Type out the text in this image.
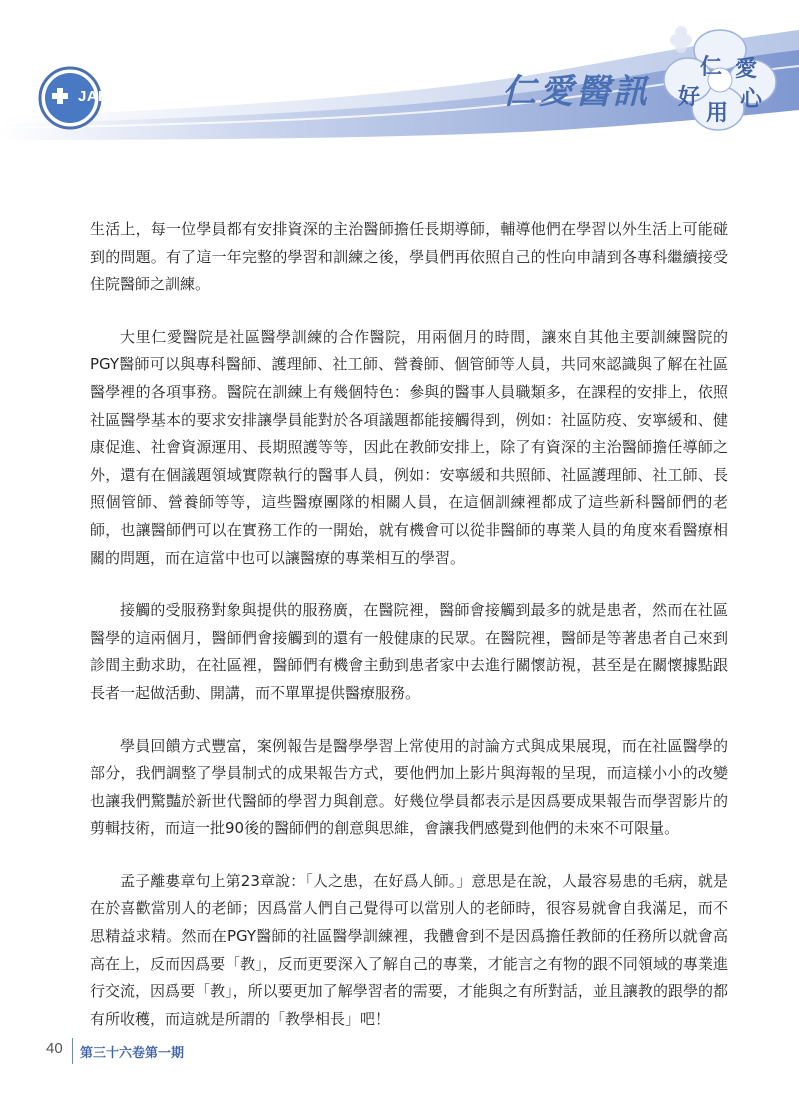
JAH	仁愛醫訊
仁 愛
好
用
心

生活上，每一位學員都有安排資深的主治醫師擔任長期導師，輔導他們在學習以外生活上可能碰到的問題。有了這一年完整的學習和訓練之後，學員們再依照自己的性向申請到各專科繼續接受住院醫師之訓練。

大里仁愛醫院是社區醫學訓練的合作醫院，用兩個月的時間，讓來自其他主要訓練醫院的PGY醫師可以與專科醫師、護理師、社工師、營養師、個管師等人員，共同來認識與了解在社區醫學裡的各項事務。醫院在訓練上有幾個特色：參與的醫事人員職類多，在課程的安排上，依照社區醫學基本的要求安排讓學員能對於各項議題都能接觸得到，例如：社區防疫、安寧緩和、健康促進、社會資源運用、長期照護等等，因此在教師安排上，除了有資深的主治醫師擔任導師之外，還有在個議題領域實際執行的醫事人員，例如：安寧緩和共照師、社區護理師、社工師、長照個管師、營養師等等，這些醫療團隊的相關人員，在這個訓練裡都成了這些新科醫師們的老師，也讓醫師們可以在實務工作的一開始，就有機會可以從非醫師的專業人員的角度來看醫療相關的問題，而在這當中也可以讓醫療的專業相互的學習。

接觸的受服務對象與提供的服務廣，在醫院裡，醫師會接觸到最多的就是患者，然而在社區醫學的這兩個月，醫師們會接觸到的還有一般健康的民眾。在醫院裡，醫師是等著患者自己來到診間主動求助，在社區裡，醫師們有機會主動到患者家中去進行關懷訪視，甚至是在關懷據點跟長者一起做活動、開講，而不單單提供醫療服務。

學員回饋方式豐富，案例報告是醫學學習上常使用的討論方式與成果展現，而在社區醫學的部分，我們調整了學員制式的成果報告方式，要他們加上影片與海報的呈現，而這樣小小的改變也讓我們驚豔於新世代醫師的學習力與創意。好幾位學員都表示是因爲要成果報告而學習影片的剪輯技術，而這一批90後的醫師們的創意與思維，會讓我們感覺到他們的未來不可限量。

孟子離婁章句上第23章說：「人之患，在好爲人師。」意思是在說，人最容易患的毛病，就是在於喜歡當別人的老師；因爲當人們自己覺得可以當別人的老師時，很容易就會自我滿足，而不思精益求精。然而在PGY醫師的社區醫學訓練裡，我體會到不是因爲擔任教師的任務所以就會高高在上，反而因爲要「教」，反而更要深入了解自己的專業，才能言之有物的跟不同領域的專業進行交流，因爲要「教」，所以要更加了解學習者的需要，才能與之有所對話，並且讓教的跟學的都有所收穫，而這就是所謂的「教學相長」吧！

40 第三十六卷第一期
